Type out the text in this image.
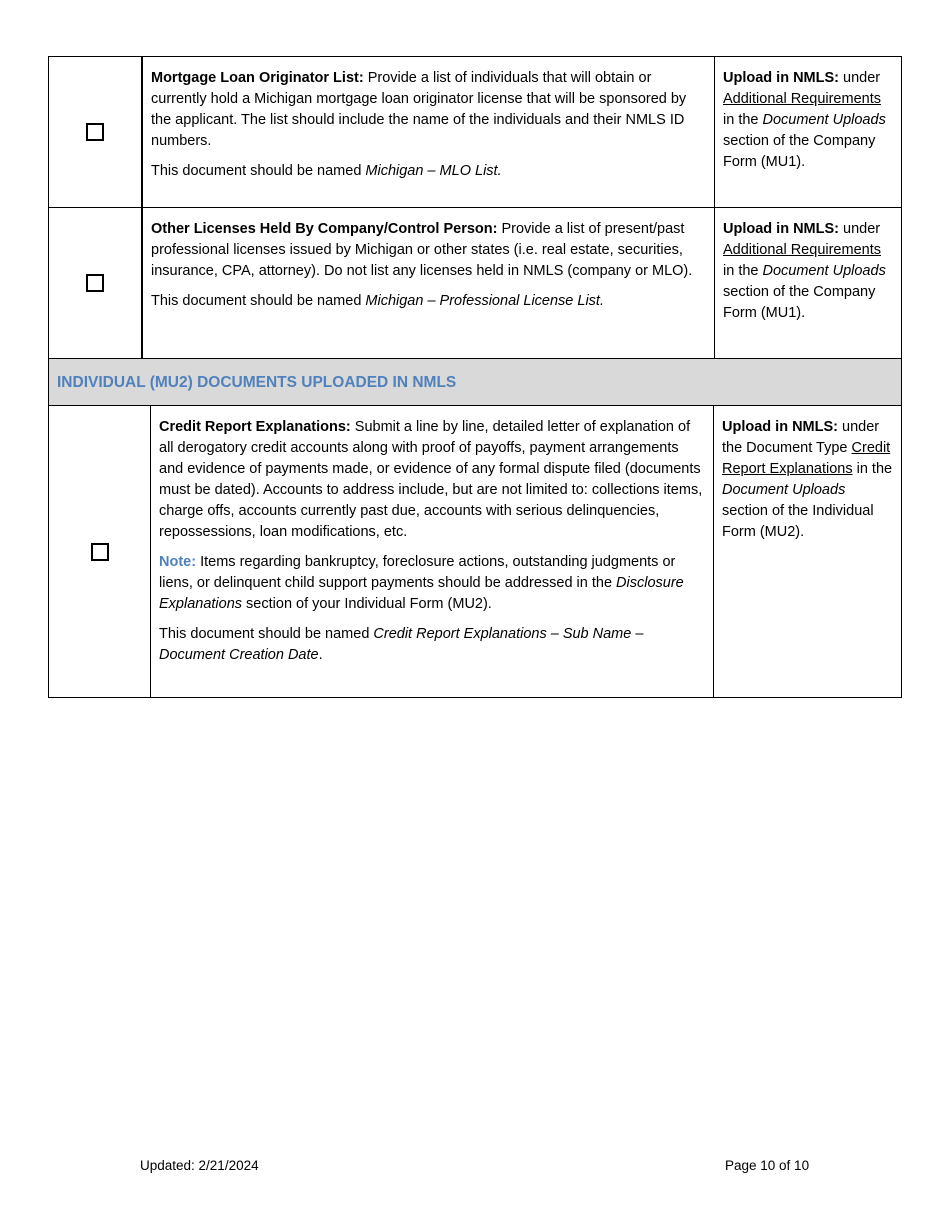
Mortgage Loan Originator List: Provide a list of individuals that will obtain or currently hold a Michigan mortgage loan originator license that will be sponsored by the applicant. The list should include the name of the individuals and their NMLS ID numbers.

This document should be named Michigan – MLO List.

Upload in NMLS: under Additional Requirements in the Document Uploads section of the Company Form (MU1).

Other Licenses Held By Company/Control Person: Provide a list of present/past professional licenses issued by Michigan or other states (i.e. real estate, securities, insurance, CPA, attorney). Do not list any licenses held in NMLS (company or MLO).

This document should be named Michigan – Professional License List.

Upload in NMLS: under Additional Requirements in the Document Uploads section of the Company Form (MU1).

INDIVIDUAL (MU2) DOCUMENTS UPLOADED IN NMLS

Credit Report Explanations: Submit a line by line, detailed letter of explanation of all derogatory credit accounts along with proof of payoffs, payment arrangements and evidence of payments made, or evidence of any formal dispute filed (documents must be dated). Accounts to address include, but are not limited to: collections items, charge offs, accounts currently past due, accounts with serious delinquencies, repossessions, loan modifications, etc.

Note: Items regarding bankruptcy, foreclosure actions, outstanding judgments or liens, or delinquent child support payments should be addressed in the Disclosure Explanations section of your Individual Form (MU2).

This document should be named Credit Report Explanations – Sub Name – Document Creation Date.

Upload in NMLS: under the Document Type Credit Report Explanations in the Document Uploads section of the Individual Form (MU2).

Updated: 2/21/2024	Page 10 of 10
